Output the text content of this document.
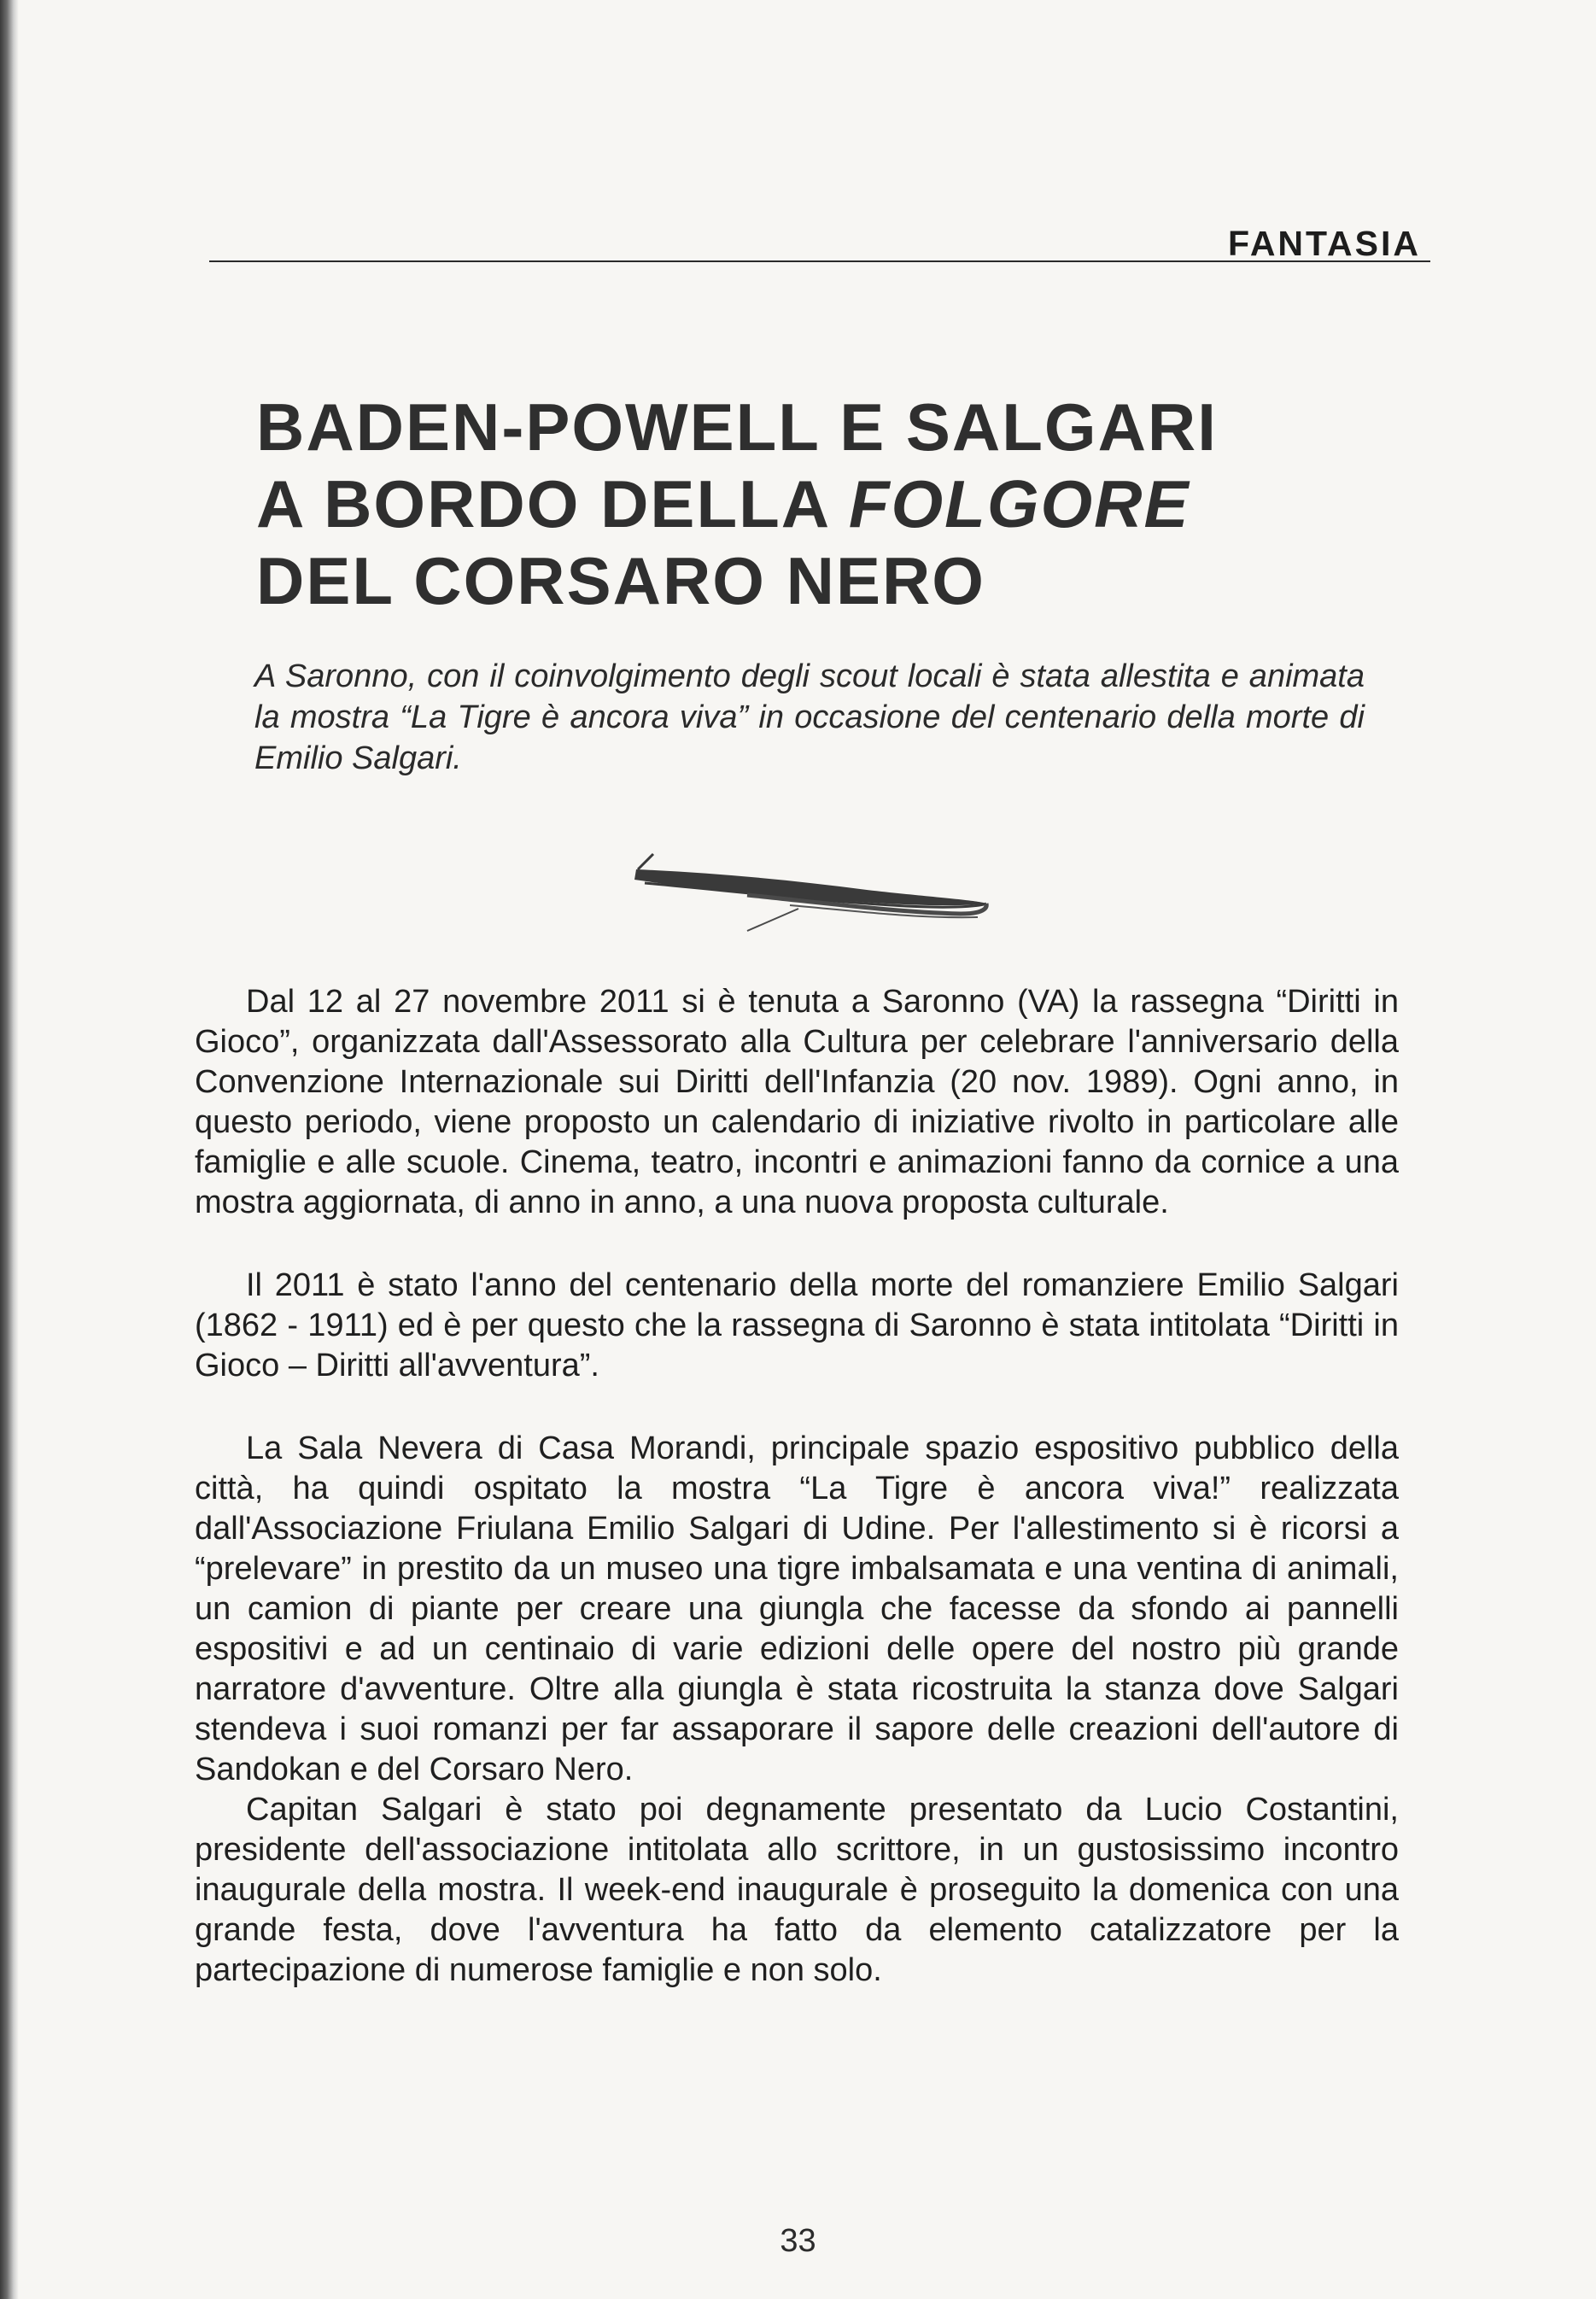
FANTASIA
BADEN-POWELL E SALGARI
A BORDO DELLA FOLGORE
DEL CORSARO NERO

A Saronno, con il coinvolgimento degli scout locali è stata allestita e animata la mostra “La Tigre è ancora viva” in occasione del centenario della morte di Emilio Salgari.

Dal 12 al 27 novembre 2011 si è tenuta a Saronno (VA) la rassegna “Diritti in Gioco”, organizzata dall'Assessorato alla Cultura per celebrare l'anniversario della Convenzione Internazionale sui Diritti dell'Infanzia (20 nov. 1989). Ogni anno, in questo periodo, viene proposto un calendario di iniziative rivolto in particolare alle famiglie e alle scuole. Cinema, teatro, incontri e animazioni fanno da cornice a una mostra aggiornata, di anno in anno, a una nuova proposta culturale.

Il 2011 è stato l'anno del centenario della morte del romanziere Emilio Salgari (1862 - 1911) ed è per questo che la rassegna di Saronno è stata intitolata “Diritti in Gioco – Diritti all'avventura”.

La Sala Nevera di Casa Morandi, principale spazio espositivo pubblico della città, ha quindi ospitato la mostra “La Tigre è ancora viva!” realizzata dall'Associazione Friulana Emilio Salgari di Udine. Per l'allestimento si è ricorsi a “prelevare” in prestito da un museo una tigre imbalsamata e una ventina di animali, un camion di piante per creare una giungla che facesse da sfondo ai pannelli espositivi e ad un centinaio di varie edizioni delle opere del nostro più grande narratore d'avventure. Oltre alla giungla è stata ricostruita la stanza dove Salgari stendeva i suoi romanzi per far assaporare il sapore delle creazioni dell'autore di Sandokan e del Corsaro Nero.

Capitan Salgari è stato poi degnamente presentato da Lucio Costantini, presidente dell'associazione intitolata allo scrittore, in un gustosissimo incontro inaugurale della mostra. Il week-end inaugurale è proseguito la domenica con una grande festa, dove l'avventura ha fatto da elemento catalizzatore per la partecipazione di numerose famiglie e non solo.

33
